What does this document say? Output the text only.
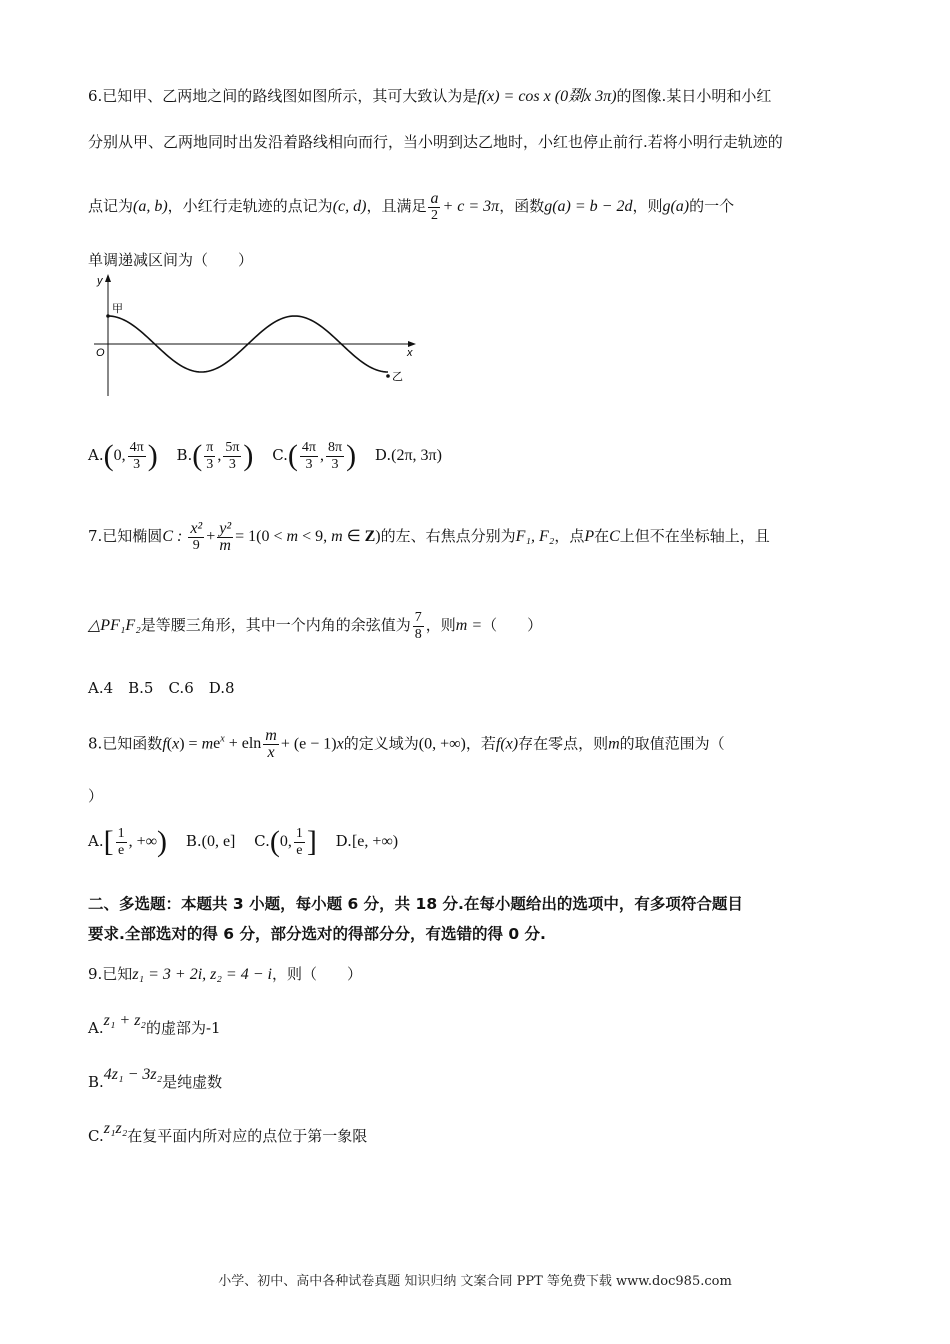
6.已知甲、乙两地之间的路线图如图所示，其可大致认为是f(x) = cos x (0剟x 3π)的图像.某日小明和小红
分别从甲、乙两地同时出发沿着路线相向而行，当小明到达乙地时，小红也停止前行.若将小明行走轨迹的
点记为(a, b)，小红行走轨迹的点记为(c, d)，且满足 $\frac{a}{2} + c = 3\pi$，函数g(a) = b − 2d，则g(a)的一个
单调递减区间为（　　）
y
x
O
甲
乙
A.(0, $\frac{4\pi}{3}$ ) $B.( \frac{\pi}{3}$ , $\frac{5\pi}{3}$ ) $C.( \frac{4\pi}{3}$ , $\frac{8\pi}{3}$ ) D.(2π, 3π)
7.已知椭圆C : $\frac{\text{x²}}{9} + \frac{\text{y²}}{m} = 1(0 < m < 9$, m ∈ Z)的左、右焦点分别为F₁, F₂，点P在C上但不在坐标轴上，且
△PF₁F₂是等腰三角形，其中一个内角的余弦值为 $\frac{7}{8}$ ，则m =（　　）
A.4　B.5　C.6　D.8
8.已知函数$f(x) = me^x + eln \frac{m}{x} + (e - 1)x$的定义域为(0, +∞)，若f(x)存在零点，则m的取值范围为（
）
$A.[ \frac{1}{e}$ , +∞) B.(0, e] C.(0, $\frac{1}{e}$ ] D.[e, +∞)
二、多选题：本题共 3 小题，每小题 6 分，共 18 分.在每小题给出的选项中，有多项符合题目
要求.全部选对的得 6 分，部分选对的得部分分，有选错的得 0 分.
9.已知z₁ = 3 + 2i, z₂ = 4 − i，则（　　）
A.z₁ + z₂的虚部为-1
B.4z₁ − 3z₂是纯虚数
C.z₁z₂在复平面内所对应的点位于第一象限
小学、初中、高中各种试卷真题 知识归纳 文案合同 PPT 等免费下载 www.doc985.com
